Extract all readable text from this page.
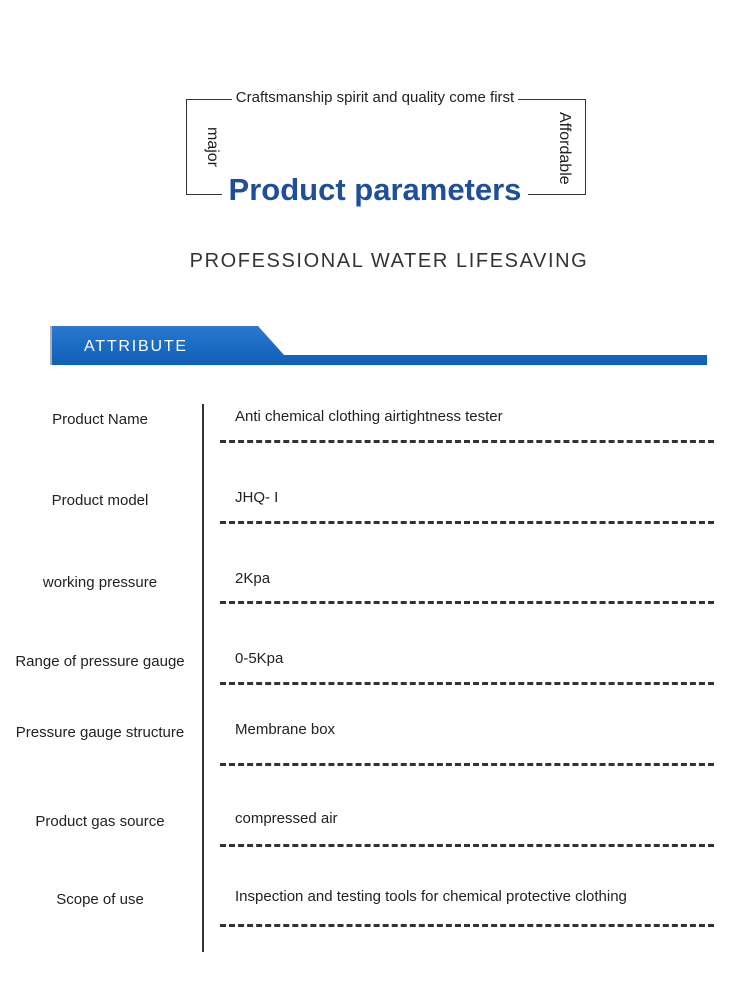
Craftsmanship spirit and quality come first
major	Affordable
Product parameters
PROFESSIONAL WATER LIFESAVING
ATTRIBUTE
Product Name	Anti chemical clothing airtightness tester
Product model	JHQ- I
working pressure	2Kpa
Range of pressure gauge	0-5Kpa
Pressure gauge structure	Membrane box
Product gas source	compressed air
Scope of use	Inspection and testing tools for chemical protective clothing
